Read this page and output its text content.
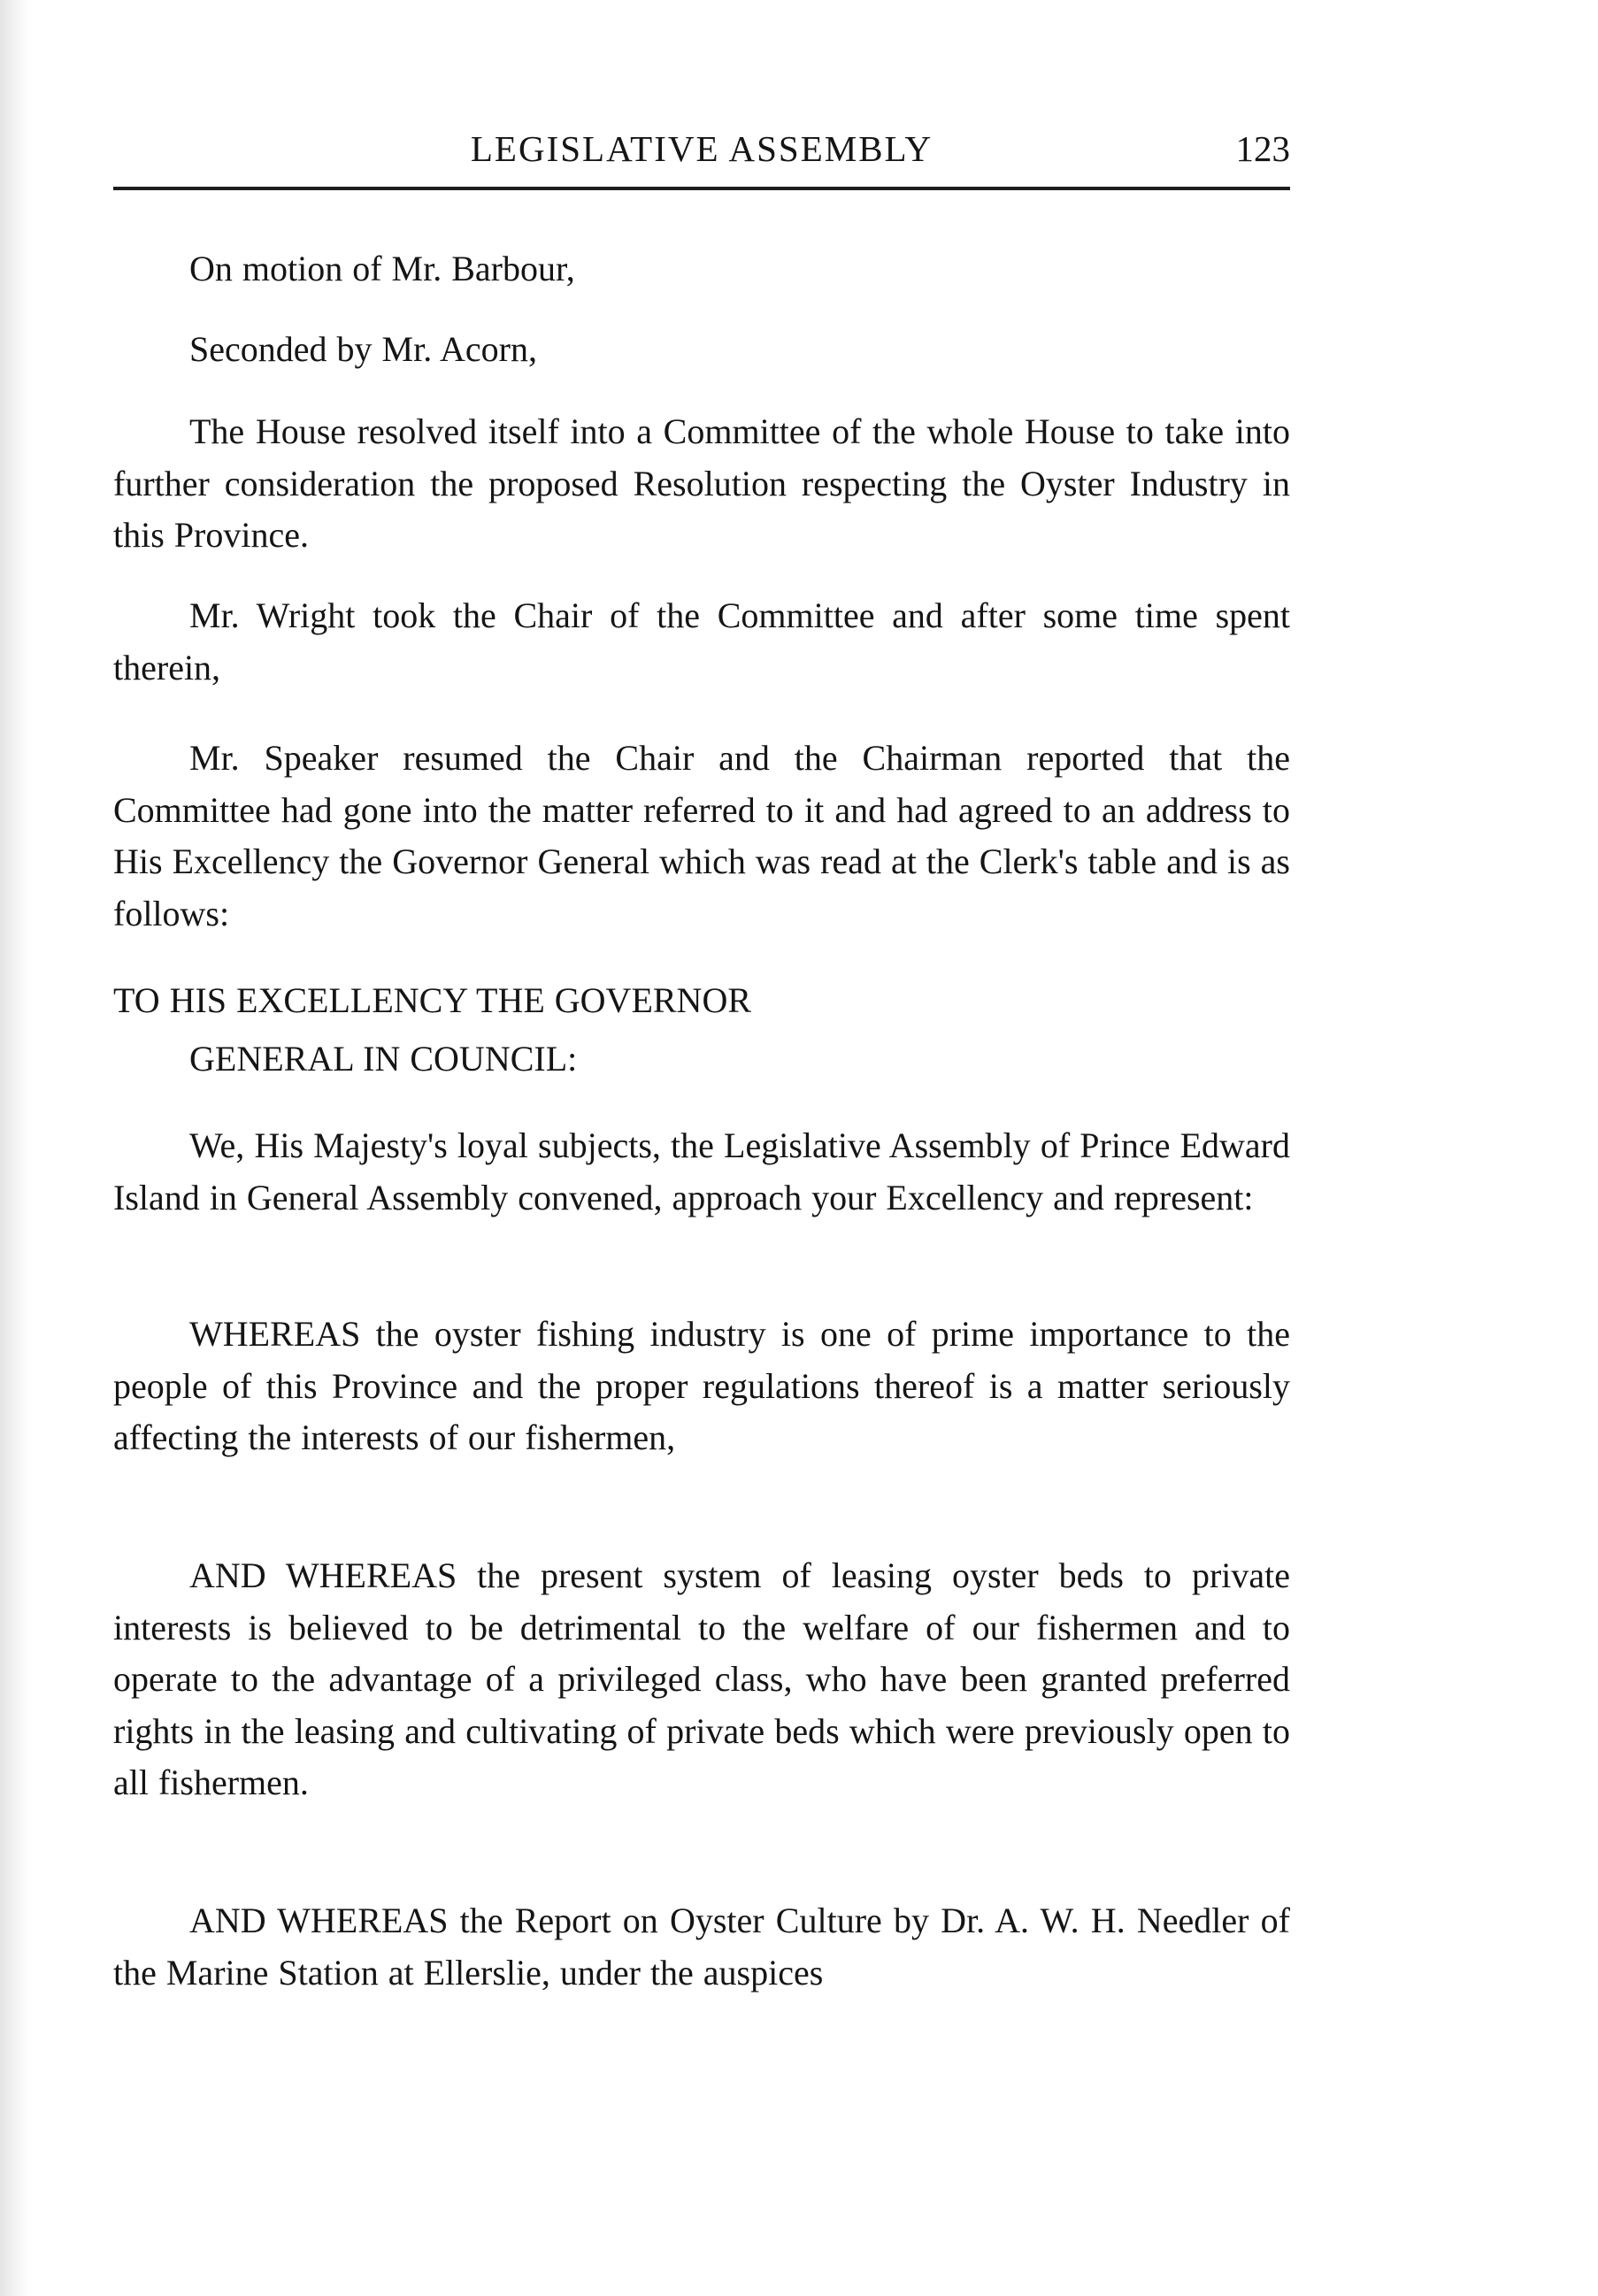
LEGISLATIVE ASSEMBLY	123
On motion of Mr. Barbour,
Seconded by Mr. Acorn,
The House resolved itself into a Committee of the whole House to take into further consideration the proposed Resolution respecting the Oyster Industry in this Province.
Mr. Wright took the Chair of the Committee and after some time spent therein,
Mr. Speaker resumed the Chair and the Chairman reported that the Committee had gone into the matter referred to it and had agreed to an address to His Excellency the Governor General which was read at the Clerk's table and is as follows:
TO HIS EXCELLENCY THE GOVERNOR
GENERAL IN COUNCIL:
We, His Majesty's loyal subjects, the Legislative Assembly of Prince Edward Island in General Assembly convened, approach your Excellency and represent:
WHEREAS the oyster fishing industry is one of prime importance to the people of this Province and the proper regulations thereof is a matter seriously affecting the interests of our fishermen,
AND WHEREAS the present system of leasing oyster beds to private interests is believed to be detrimental to the welfare of our fishermen and to operate to the advantage of a privileged class, who have been granted preferred rights in the leasing and cultivating of private beds which were previously open to all fishermen.
AND WHEREAS the Report on Oyster Culture by Dr. A. W. H. Needler of the Marine Station at Ellerslie, under the auspices
